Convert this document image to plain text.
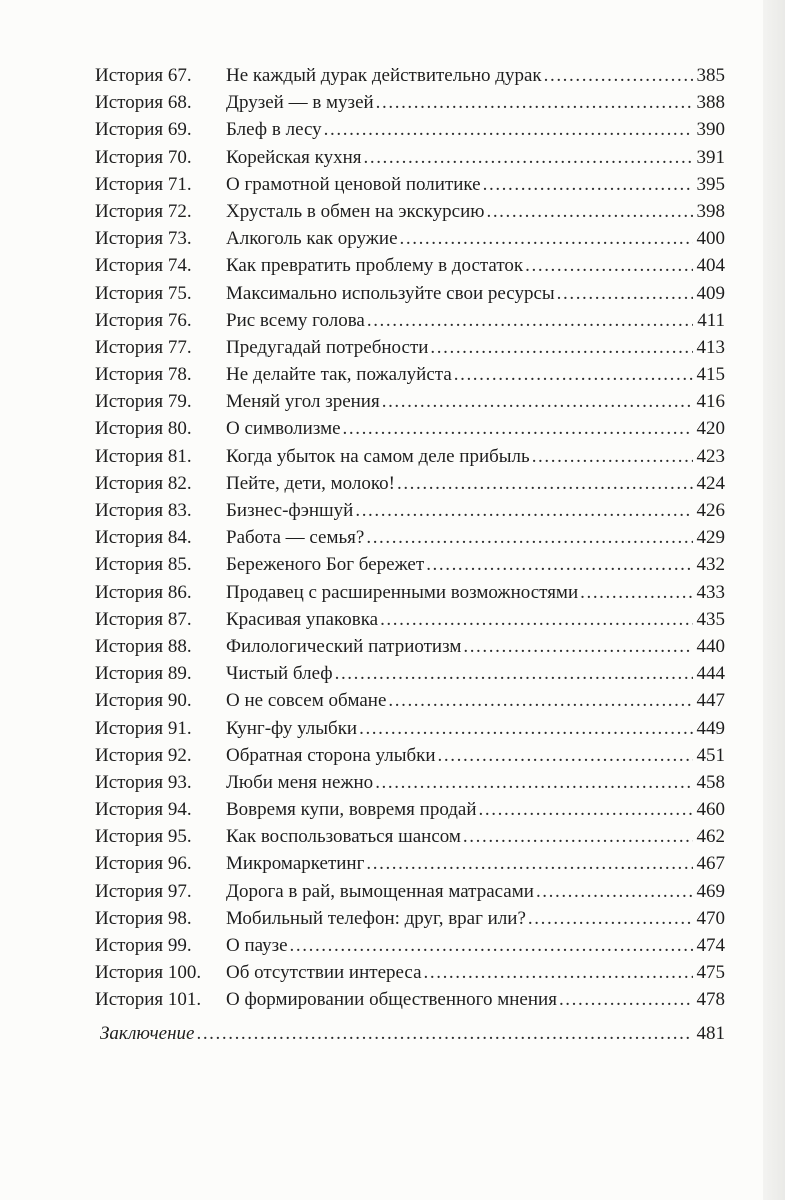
История 67. Не каждый дурак действительно дурак .....	385
История 68. Друзей — в музей .....	388
История 69. Блеф в лесу .....	390
История 70. Корейская кухня .....	391
История 71. О грамотной ценовой политике .....	395
История 72. Хрусталь в обмен на экскурсию .....	398
История 73. Алкоголь как оружие .....	400
История 74. Как превратить проблему в достаток .....	404
История 75. Максимально используйте свои ресурсы .....	409
История 76. Рис всему голова .....	411
История 77. Предугадай потребности .....	413
История 78. Не делайте так, пожалуйста .....	415
История 79. Меняй угол зрения .....	416
История 80. О символизме .....	420
История 81. Когда убыток на самом деле прибыль .....	423
История 82. Пейте, дети, молоко! .....	424
История 83. Бизнес-фэншуй .....	426
История 84. Работа — семья? .....	429
История 85. Береженого Бог бережет .....	432
История 86. Продавец с расширенными возможностями .....	433
История 87. Красивая упаковка .....	435
История 88. Филологический патриотизм .....	440
История 89. Чистый блеф .....	444
История 90. О не совсем обмане .....	447
История 91. Кунг-фу улыбки .....	449
История 92. Обратная сторона улыбки .....	451
История 93. Люби меня нежно .....	458
История 94. Вовремя купи, вовремя продай .....	460
История 95. Как воспользоваться шансом .....	462
История 96. Микромаркетинг .....	467
История 97. Дорога в рай, вымощенная матрасами .....	469
История 98. Мобильный телефон: друг, враг или? .....	470
История 99. О паузе .....	474
История 100. Об отсутствии интереса .....	475
История 101. О формировании общественного мнения .....	478
Заключение .....	481
